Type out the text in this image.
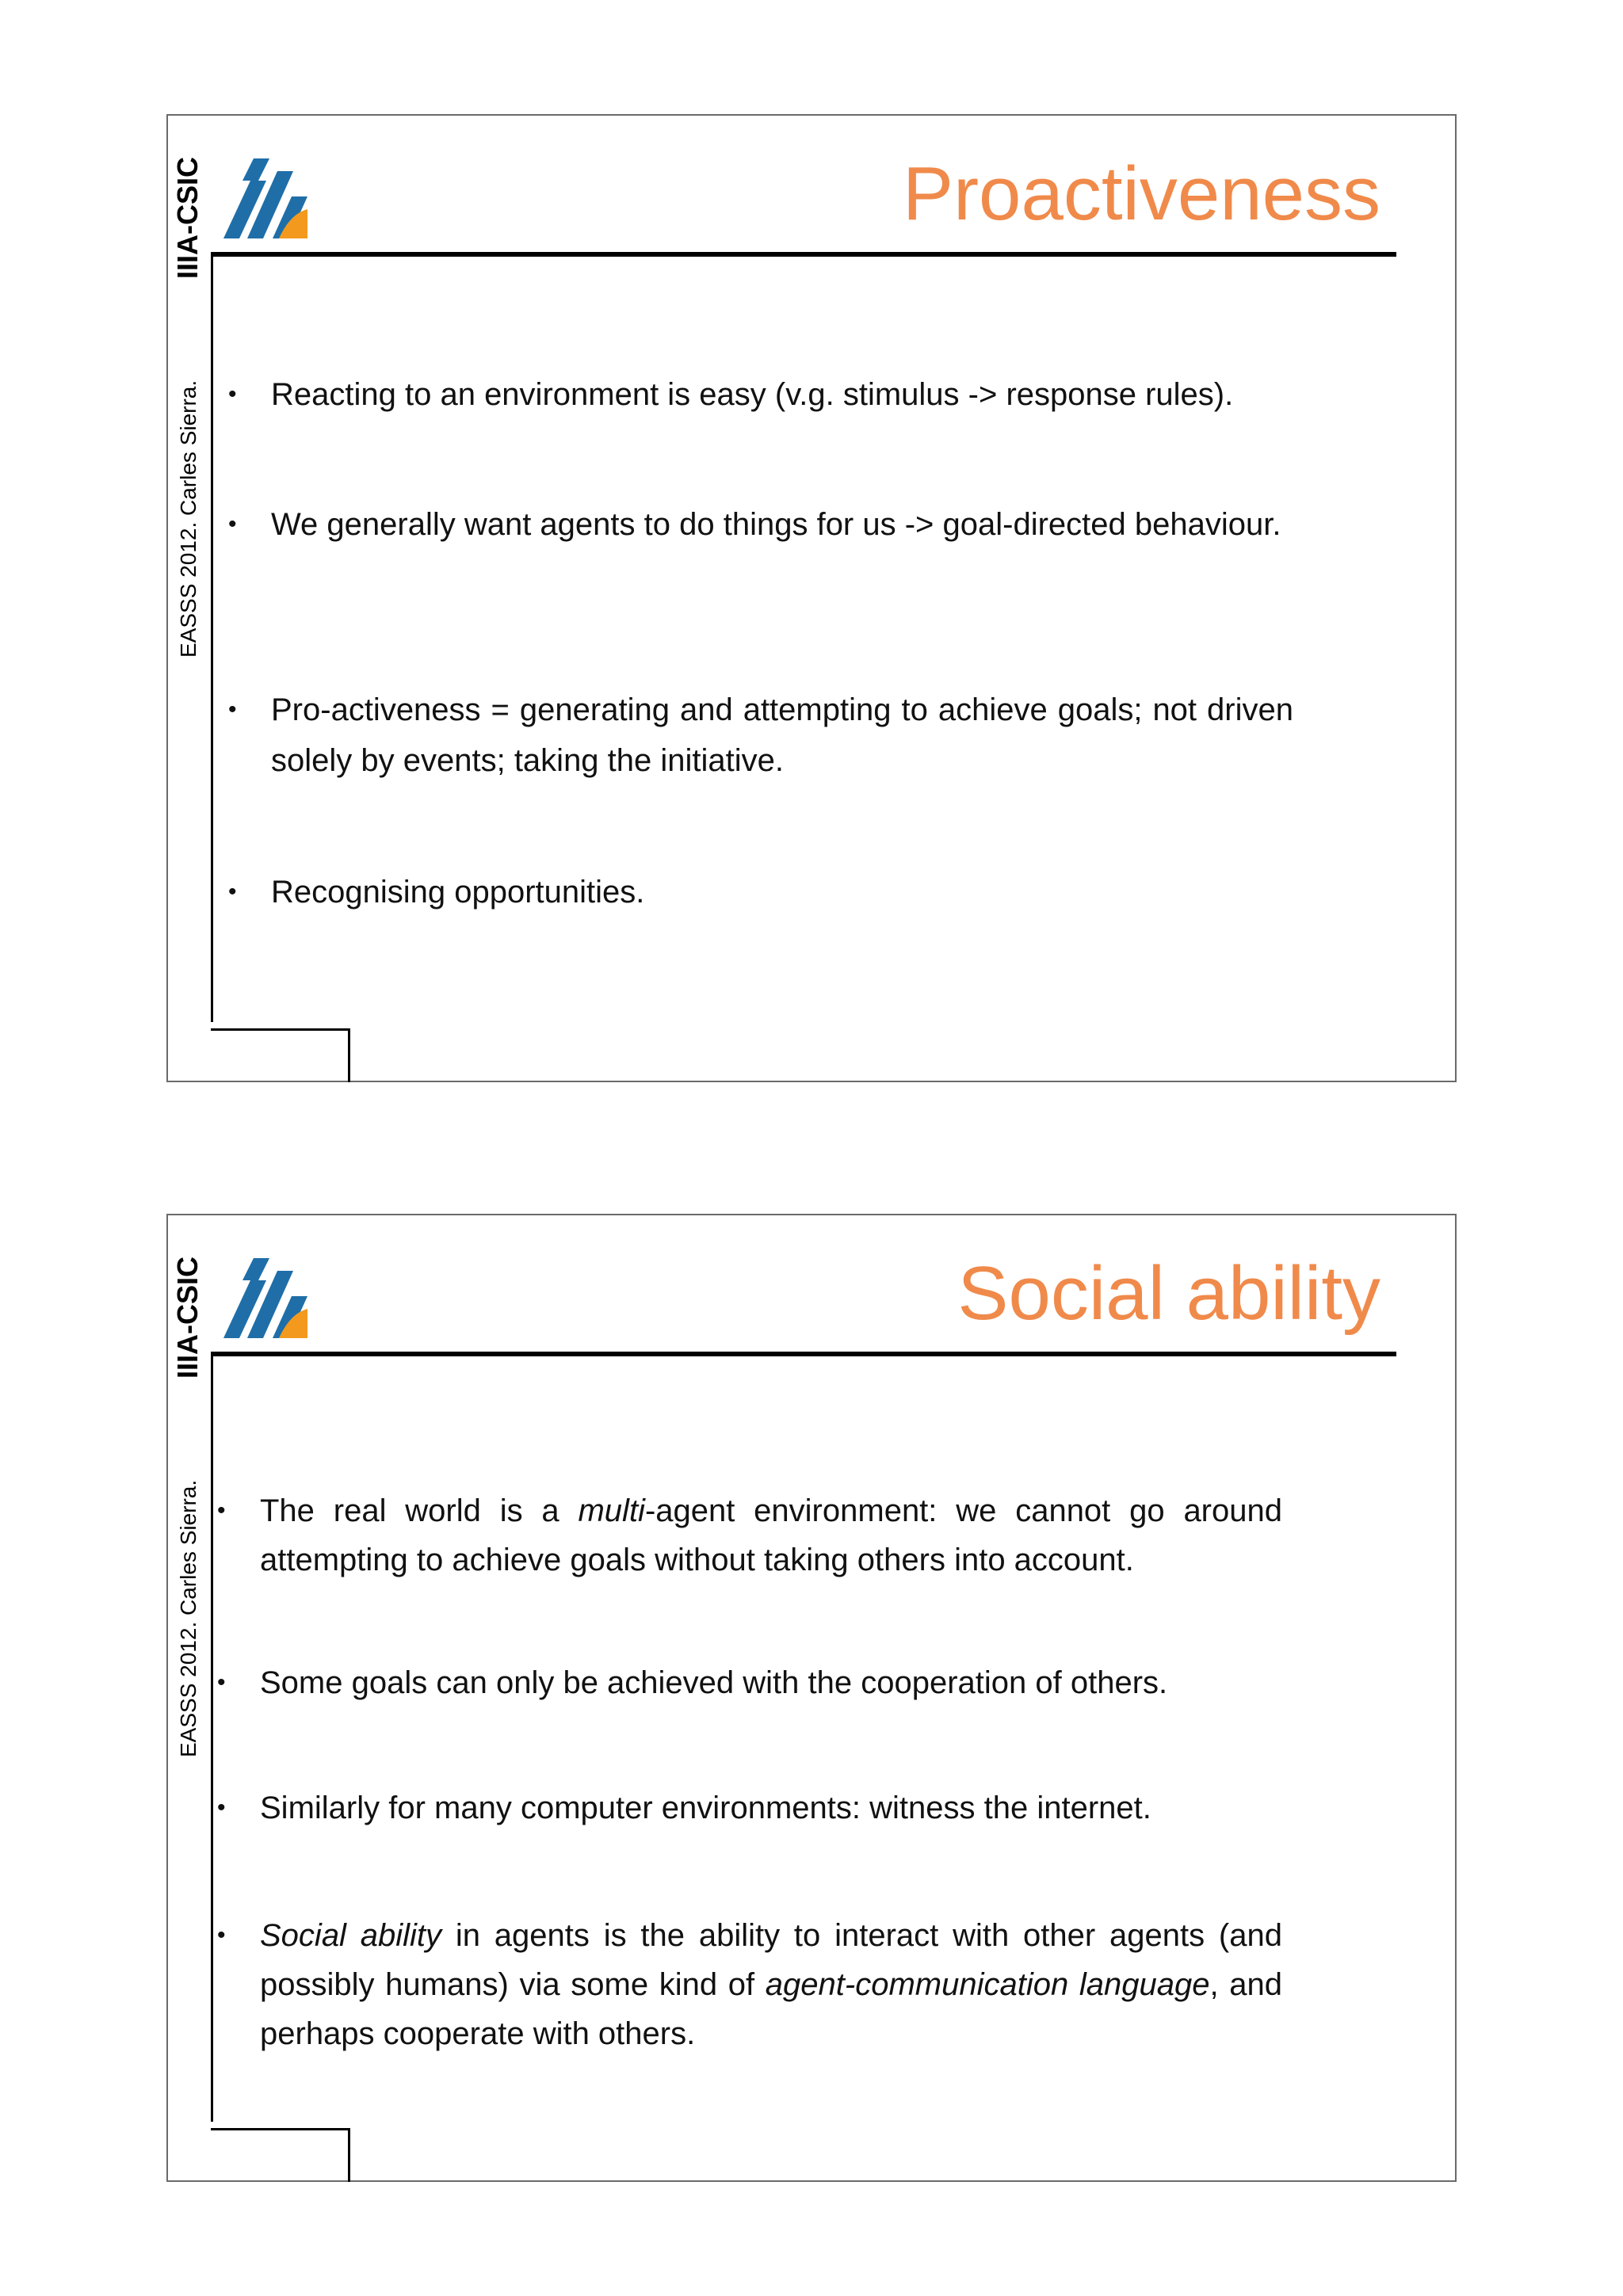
IIIA-CSIC
EASSS 2012. Carles Sierra.
Proactiveness
• Reacting to an environment is easy (v.g. stimulus -> response rules).
• We generally want agents to do things for us -> goal-directed behaviour.
• Pro-activeness = generating and attempting to achieve goals; not driven solely by events; taking the initiative.
• Recognising opportunities.
IIIA-CSIC
EASSS 2012. Carles Sierra.
Social ability
• The real world is a multi-agent environment: we cannot go around attempting to achieve goals without taking others into account.
• Some goals can only be achieved with the cooperation of others.
• Similarly for many computer environments: witness the internet.
• Social ability in agents is the ability to interact with other agents (and possibly humans) via some kind of agent-communication language, and perhaps cooperate with others.
